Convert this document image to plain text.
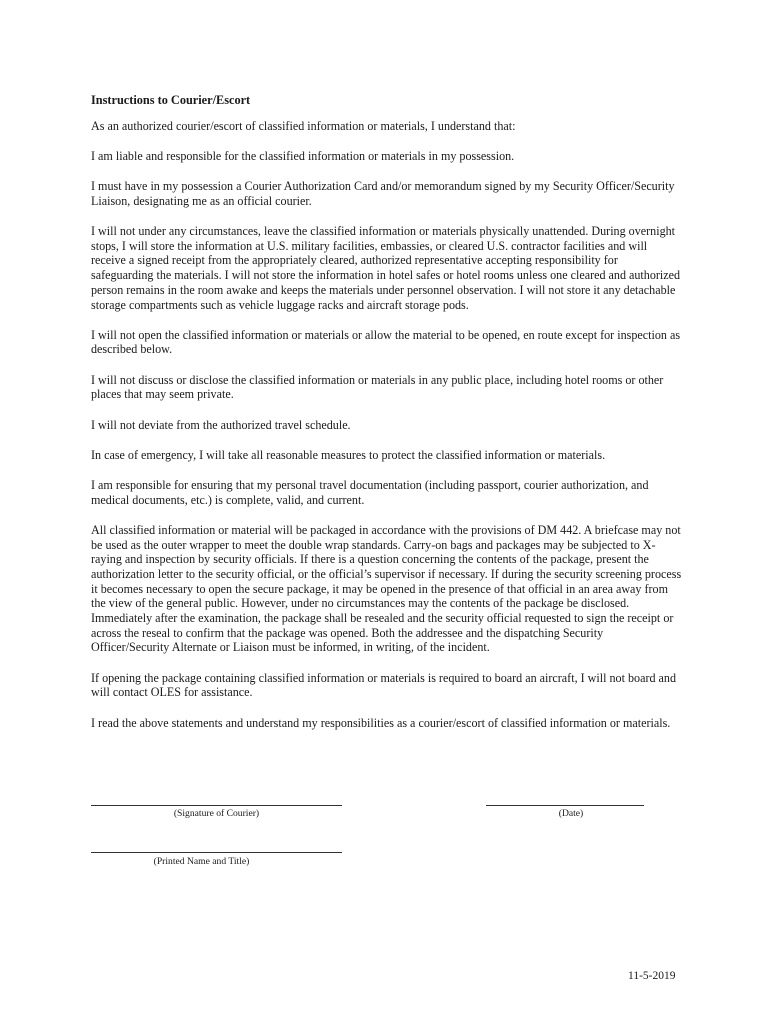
Instructions to Courier/Escort

As an authorized courier/escort of classified information or materials, I understand that:

I am liable and responsible for the classified information or materials in my possession.

I must have in my possession a Courier Authorization Card and/or memorandum signed by my Security Officer/Security Liaison, designating me as an official courier.

I will not under any circumstances, leave the classified information or materials physically unattended. During overnight stops, I will store the information at U.S. military facilities, embassies, or cleared U.S. contractor facilities and will receive a signed receipt from the appropriately cleared, authorized representative accepting responsibility for safeguarding the materials. I will not store the information in hotel safes or hotel rooms unless one cleared and authorized person remains in the room awake and keeps the materials under personnel observation. I will not store it any detachable storage compartments such as vehicle luggage racks and aircraft storage pods.

I will not open the classified information or materials or allow the material to be opened, en route except for inspection as described below.

I will not discuss or disclose the classified information or materials in any public place, including hotel rooms or other places that may seem private.

I will not deviate from the authorized travel schedule.

In case of emergency, I will take all reasonable measures to protect the classified information or materials.

I am responsible for ensuring that my personal travel documentation (including passport, courier authorization, and medical documents, etc.) is complete, valid, and current.

All classified information or material will be packaged in accordance with the provisions of DM 442. A briefcase may not be used as the outer wrapper to meet the double wrap standards. Carry-on bags and packages may be subjected to X-raying and inspection by security officials. If there is a question concerning the contents of the package, present the authorization letter to the security official, or the official’s supervisor if necessary. If during the security screening process it becomes necessary to open the secure package, it may be opened in the presence of that official in an area away from the view of the general public. However, under no circumstances may the contents of the package be disclosed. Immediately after the examination, the package shall be resealed and the security official requested to sign the receipt or across the reseal to confirm that the package was opened. Both the addressee and the dispatching Security Officer/Security Alternate or Liaison must be informed, in writing, of the incident.

If opening the package containing classified information or materials is required to board an aircraft, I will not board and will contact OLES for assistance.

I read the above statements and understand my responsibilities as a courier/escort of classified information or materials.

(Signature of Courier)	(Date)
(Printed Name and Title)
11-5-2019
